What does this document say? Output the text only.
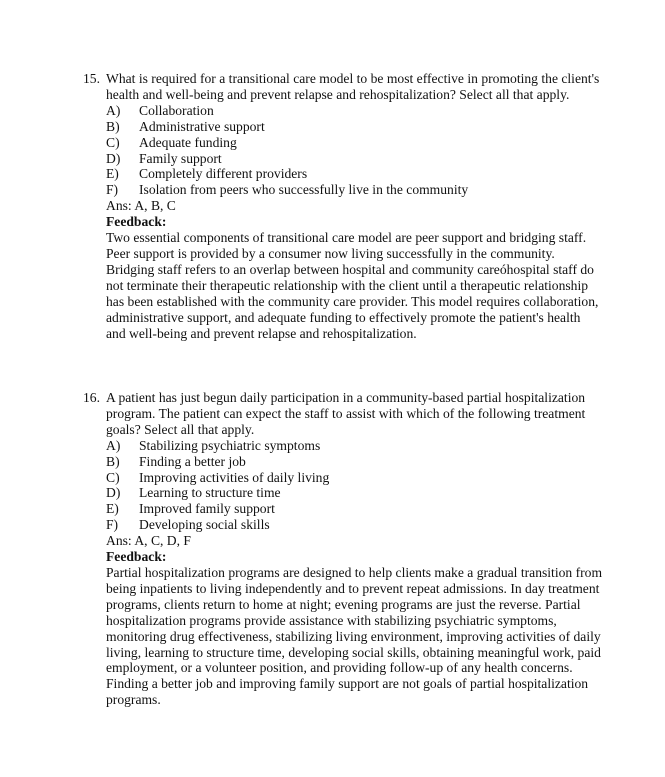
15. What is required for a transitional care model to be most effective in promoting the client's health and well-being and prevent relapse and rehospitalization? Select all that apply.
A)	Collaboration
B)	Administrative support
C)	Adequate funding
D)	Family support
E)	Completely different providers
F)	Isolation from peers who successfully live in the community
Ans: A, B, C
Feedback:

Two essential components of transitional care model are peer support and bridging staff. Peer support is provided by a consumer now living successfully in the community. Bridging staff refers to an overlap between hospital and community careóhospital staff do not terminate their therapeutic relationship with the client until a therapeutic relationship has been established with the community care provider. This model requires collaboration, administrative support, and adequate funding to effectively promote the patient's health and well-being and prevent relapse and rehospitalization.

16. A patient has just begun daily participation in a community-based partial hospitalization program. The patient can expect the staff to assist with which of the following treatment goals? Select all that apply.
A)	Stabilizing psychiatric symptoms
B)	Finding a better job
C)	Improving activities of daily living
D)	Learning to structure time
E)	Improved family support
F)	Developing social skills
Ans: A, C, D, F
Feedback:

Partial hospitalization programs are designed to help clients make a gradual transition from being inpatients to living independently and to prevent repeat admissions. In day treatment programs, clients return to home at night; evening programs are just the reverse. Partial hospitalization programs provide assistance with stabilizing psychiatric symptoms, monitoring drug effectiveness, stabilizing living environment, improving activities of daily living, learning to structure time, developing social skills, obtaining meaningful work, paid employment, or a volunteer position, and providing follow-up of any health concerns. Finding a better job and improving family support are not goals of partial hospitalization programs.
